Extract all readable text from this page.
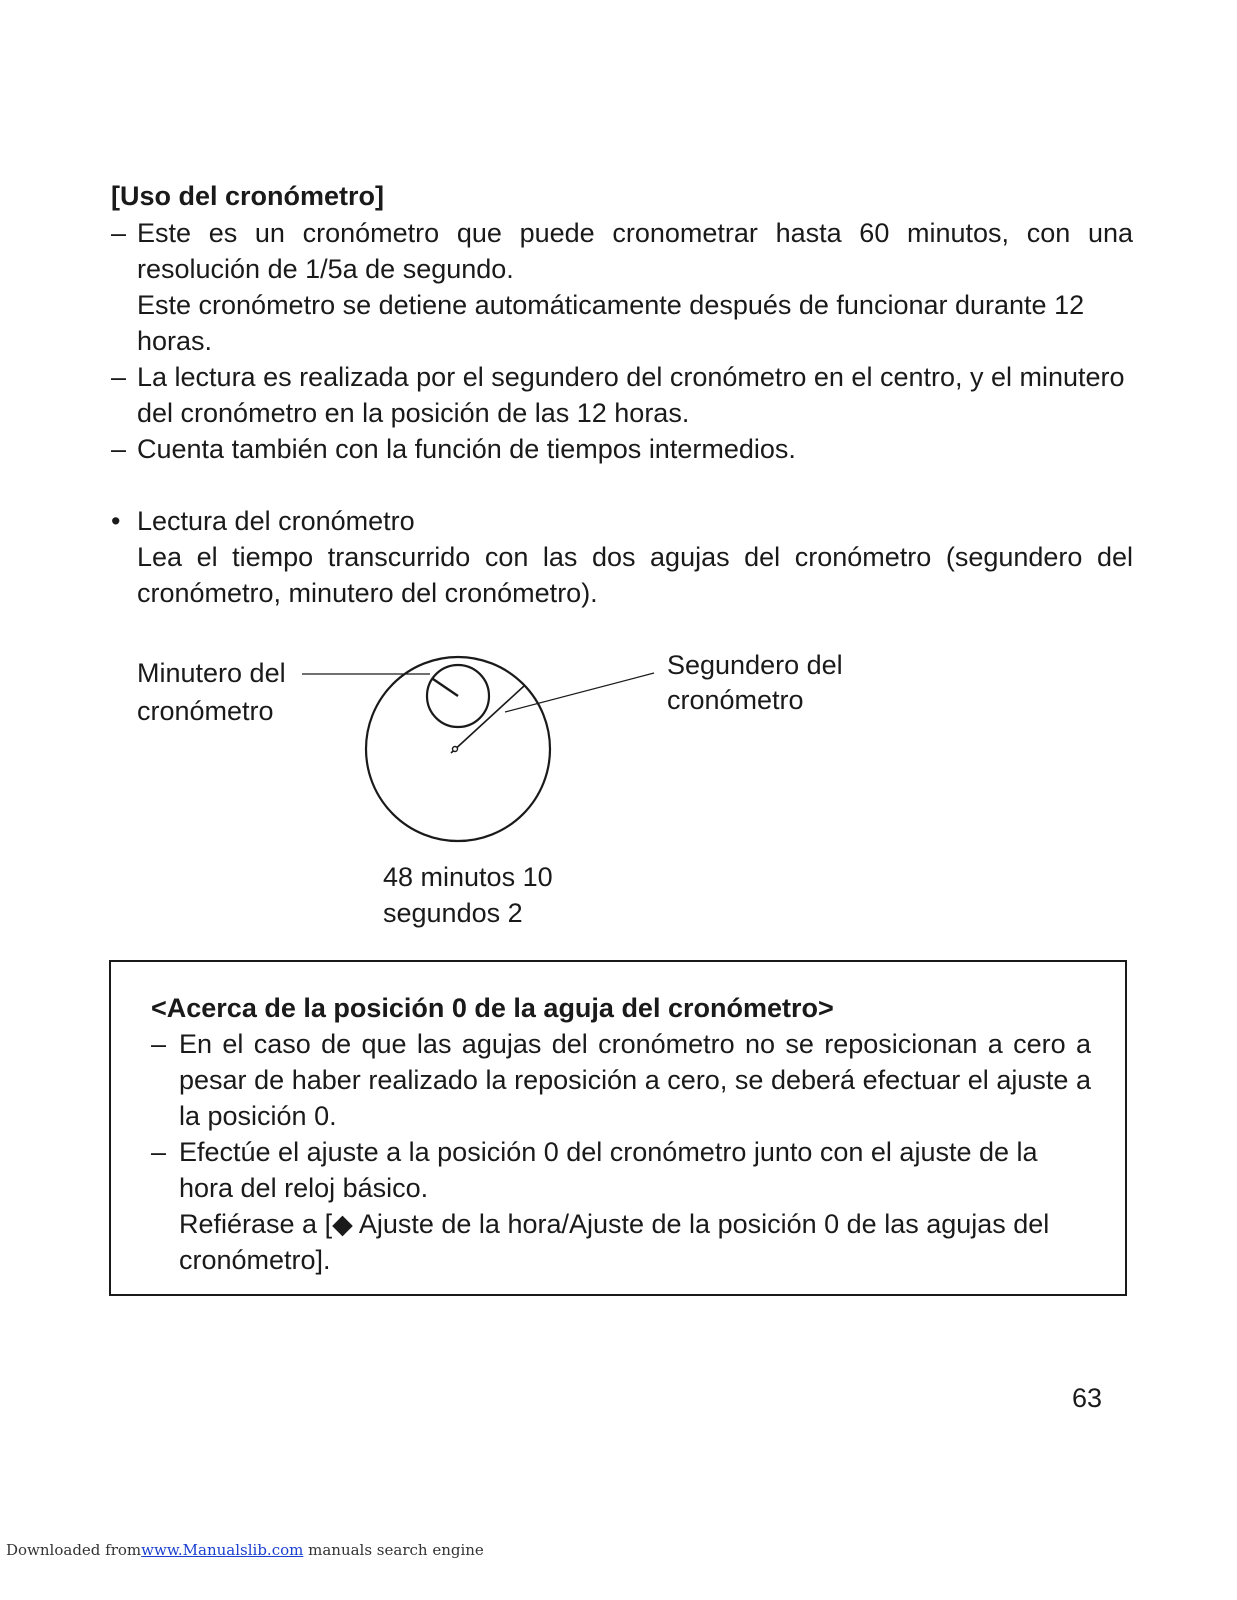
[Uso del cronómetro]
– Este es un cronómetro que puede cronometrar hasta 60 minutos, con una resolución de 1/5a de segundo.

Este cronómetro se detiene automáticamente después de funcionar durante 12 horas.

– La lectura es realizada por el segundero del cronómetro en el centro, y el minutero del cronómetro en la posición de las 12 horas.

– Cuenta también con la función de tiempos intermedios.

• Lectura del cronómetro

Lea el tiempo transcurrido con las dos agujas del cronómetro (segundero del cronómetro, minutero del cronómetro).

Minutero del
cronómetro
Segundero del
cronómetro
48 minutos 10
segundos 2
<Acerca de la posición 0 de la aguja del cronómetro>
– En el caso de que las agujas del cronómetro no se reposicionan a cero a pesar de haber realizado la reposición a cero, se deberá efectuar el ajuste a la posición 0.

– Efectúe el ajuste a la posición 0 del cronómetro junto con el ajuste de la hora del reloj básico.

Refiérase a [◆ Ajuste de la hora/Ajuste de la posición 0 de las agujas del cronómetro].

63
Downloaded fromwww.Manualslib.com manuals search engine
